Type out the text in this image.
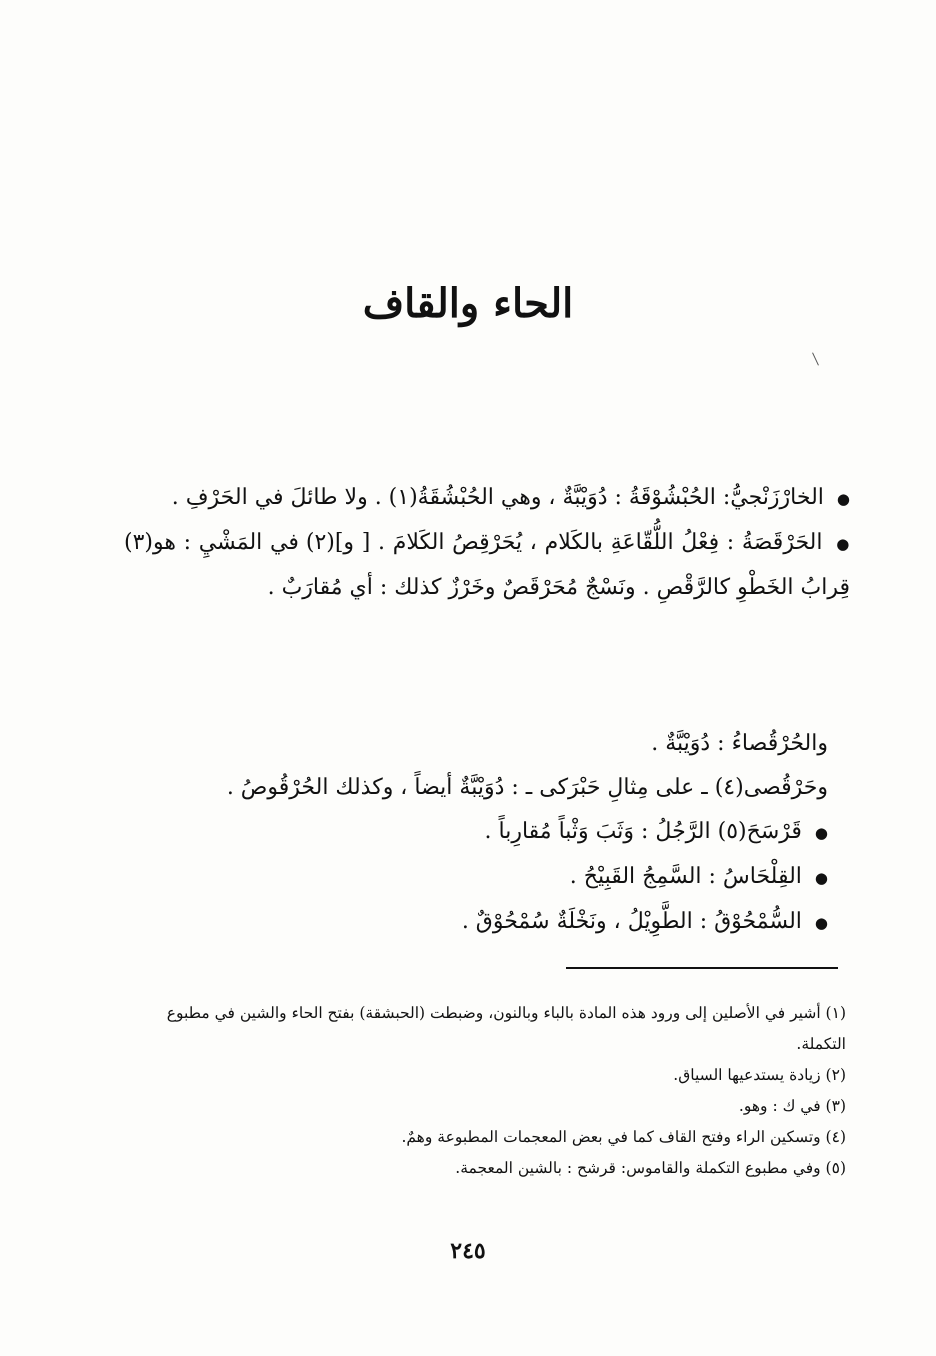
الحاء والقاف

● الخارْزَنْجيُّ: الحُبْشُوْقَةُ : دُوَيْبَّةٌ ، وهي الحُبْشُقَةُ(١) . ولا طائلَ في الحَرْفِ .

● الحَرْقَصَةُ : فِعْلُ اللُّقّاعَةِ بالكَلام ، يُحَرْقِصُ الكَلامَ . [ و](٢) في المَشْيِ : هو(٣) قِرابُ الخَطْوِ كالرَّقْصِ . ونَسْجٌ مُحَرْقَصٌ وخَرْزٌ كذلك : أي مُقارَبٌ .

والحُرْقُصاءُ : دُوَيْبَّةٌ .

وحَرْقُصى(٤) ـ على مِثالِ حَبْرَكى ـ : دُوَيْبَّةٌ أيضاً ، وكذلك الحُرْقُوصُ .

● قَرْسَحَ(٥) الرَّجُلُ : وَثَبَ وَثْباً مُقارِباً .

● القِلْحَاسُ : السَّمِجُ القَبِيْحُ .

● السُّمْحُوْقُ : الطَّوِيْلُ ، ونَخْلَةٌ سُمْحُوْقٌ .

(١) أشير في الأصلين إلى ورود هذه المادة بالباء وبالنون، وضبطت (الحبشقة) بفتح الحاء والشين في مطبوع التكملة.

(٢) زيادة يستدعيها السياق.

(٣) في ك : وهو.

(٤) وتسكين الراء وفتح القاف كما في بعض المعجمات المطبوعة وهمٌ.

(٥) وفي مطبوع التكملة والقاموس: قرشح : بالشين المعجمة.

٢٤٥
